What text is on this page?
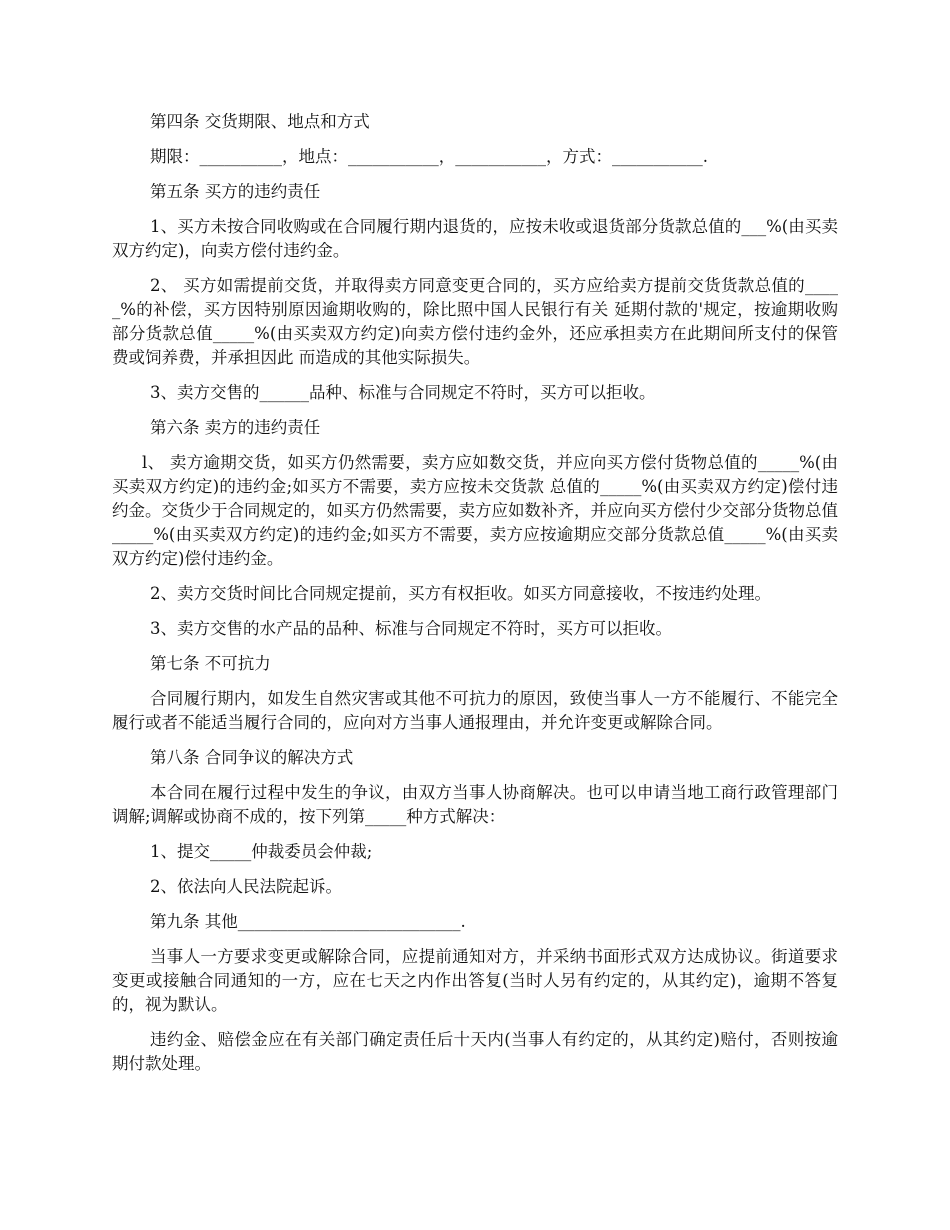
第四条 交货期限、地点和方式

期限：__________，地点：___________，___________，方式：___________.

第五条 买方的违约责任

1、买方未按合同收购或在合同履行期内退货的，应按未收或退货部分货款总值的___%(由买卖双方约定)，向卖方偿付违约金。

2、 买方如需提前交货，并取得卖方同意变更合同的，买方应给卖方提前交货货款总值的_____%的补偿，买方因特别原因逾期收购的，除比照中国人民银行有关 延期付款的'规定，按逾期收购部分货款总值_____%(由买卖双方约定)向卖方偿付违约金外，还应承担卖方在此期间所支付的保管费或饲养费，并承担因此 而造成的其他实际损失。

3、卖方交售的______品种、标准与合同规定不符时，买方可以拒收。

第六条 卖方的违约责任

l、 卖方逾期交货，如买方仍然需要，卖方应如数交货，并应向买方偿付货物总值的_____%(由买卖双方约定)的违约金;如买方不需要，卖方应按未交货款 总值的_____%(由买卖双方约定)偿付违约金。交货少于合同规定的，如买方仍然需要，卖方应如数补齐，并应向买方偿付少交部分货物总值 _____%(由买卖双方约定)的违约金;如买方不需要，卖方应按逾期应交部分货款总值_____%(由买卖双方约定)偿付违约金。

2、卖方交货时间比合同规定提前，买方有权拒收。如买方同意接收，不按违约处理。

3、卖方交售的水产品的品种、标准与合同规定不符时，买方可以拒收。

第七条 不可抗力

合同履行期内，如发生自然灾害或其他不可抗力的原因，致使当事人一方不能履行、不能完全履行或者不能适当履行合同的，应向对方当事人通报理由，并允许变更或解除合同。

第八条 合同争议的解决方式

本合同在履行过程中发生的争议，由双方当事人协商解决。也可以申请当地工商行政管理部门调解;调解或协商不成的，按下列第_____种方式解决：

1、提交_____仲裁委员会仲裁;

2、依法向人民法院起诉。

第九条 其他___________________________.

当事人一方要求变更或解除合同，应提前通知对方，并采纳书面形式双方达成协议。街道要求变更或接触合同通知的一方，应在七天之内作出答复(当时人另有约定的，从其约定)，逾期不答复的，视为默认。

违约金、赔偿金应在有关部门确定责任后十天内(当事人有约定的，从其约定)赔付，否则按逾期付款处理。
